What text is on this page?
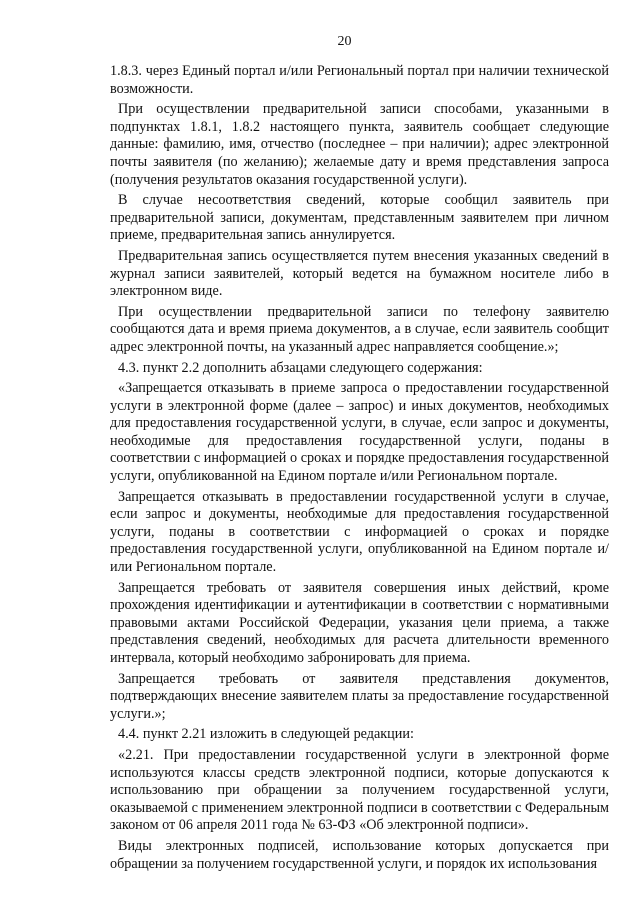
20

1.8.3. через Единый портал и/или Региональный портал при наличии технической возможности.

При осуществлении предварительной записи способами, указанными в подпунктах 1.8.1, 1.8.2 настоящего пункта, заявитель сообщает следующие данные: фамилию, имя, отчество (последнее – при наличии); адрес электронной почты заявителя (по желанию); желаемые дату и время представления запроса (получения результатов оказания государственной услуги).

В случае несоответствия сведений, которые сообщил заявитель при предварительной записи, документам, представленным заявителем при личном приеме, предварительная запись аннулируется.

Предварительная запись осуществляется путем внесения указанных сведений в журнал записи заявителей, который ведется на бумажном носителе либо в электронном виде.

При осуществлении предварительной записи по телефону заявителю сообщаются дата и время приема документов, а в случае, если заявитель сообщит адрес электронной почты, на указанный адрес направляется сообщение.»;

4.3. пункт 2.2 дополнить абзацами следующего содержания:

«Запрещается отказывать в приеме запроса о предоставлении государственной услуги в электронной форме (далее – запрос) и иных документов, необходимых для предоставления государственной услуги, в случае, если запрос и документы, необходимые для предоставления государственной услуги, поданы в соответствии с информацией о сроках и порядке предоставления государственной услуги, опубликованной на Едином портале и/или Региональном портале.

Запрещается отказывать в предоставлении государственной услуги в случае, если запрос и документы, необходимые для предоставления государственной услуги, поданы в соответствии с информацией о сроках и порядке предоставления государственной услуги, опубликованной на Едином портале и/или Региональном портале.

Запрещается требовать от заявителя совершения иных действий, кроме прохождения идентификации и аутентификации в соответствии с нормативными правовыми актами Российской Федерации, указания цели приема, а также представления сведений, необходимых для расчета длительности временного интервала, который необходимо забронировать для приема.

Запрещается требовать от заявителя представления документов, подтверждающих внесение заявителем платы за предоставление государственной услуги.»;

4.4. пункт 2.21 изложить в следующей редакции:

«2.21. При предоставлении государственной услуги в электронной форме используются классы средств электронной подписи, которые допускаются к использованию при обращении за получением государственной услуги, оказываемой с применением электронной подписи в соответствии с Федеральным законом от 06 апреля 2011 года № 63-ФЗ «Об электронной подписи».

Виды электронных подписей, использование которых допускается при обращении за получением государственной услуги, и порядок их использования
